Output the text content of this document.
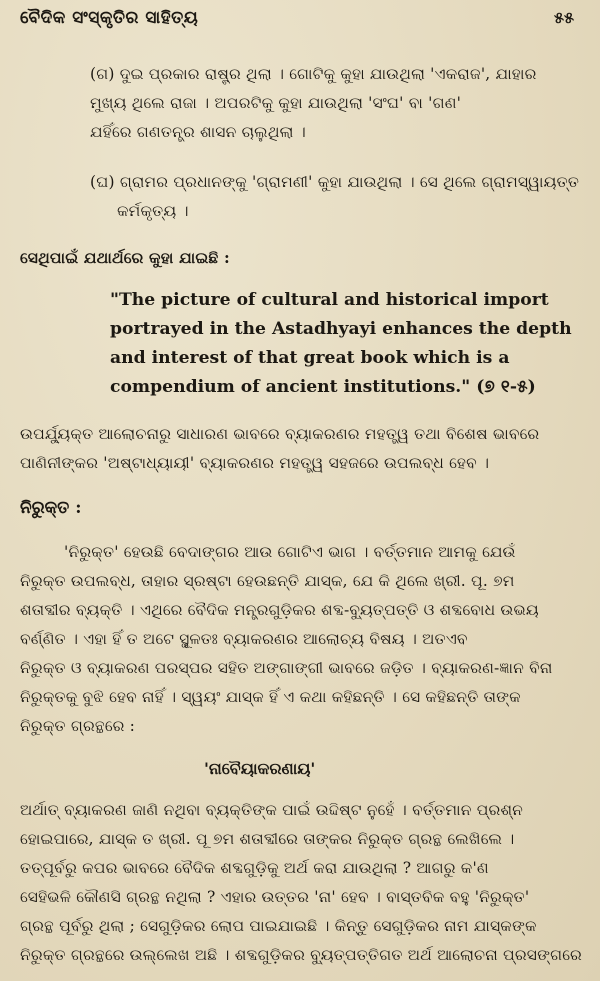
ବୈଦିକ ସଂସ୍କୃତିର ସାହିତ୍ୟ	୫୫
(ଗ) ଦୁଇ ପ୍ରକାର ରାଷ୍ଟ୍ର ଥିଲା । ଗୋଟିକୁ କୁହା ଯାଉଥିଲା 'ଏକରାଜ', ଯାହାର
ମୁଖ୍ୟ ଥିଲେ ରାଜା । ଅପରଟିକୁ କୁହା ଯାଉଥିଲା 'ସଂଘ' ବା 'ଗଣ'
ଯହିଁରେ ଗଣତନ୍ତ୍ର ଶାସନ ଚାଲୁଥିଲା ।
(ଘ) ଗ୍ରାମର ପ୍ରଧାନଙ୍କୁ 'ଗ୍ରାମଣୀ' କୁହା ଯାଉଥିଲା । ସେ ଥିଲେ ଗ୍ରାମସ୍ୱାୟତ୍ତ
କର୍ମକୃତ୍ୟ ।
ସେଥିପାଇଁ ଯଥାର୍ଥରେ କୁହା ଯାଇଛି :
"The picture of cultural and historical import
portrayed in the Astadhyayi enhances the depth
and interest of that great book which is a
compendium of ancient institutions." (୭ ୧-୫)
ଉପର୍ଯ୍ୟୁକ୍ତ ଆଲୋଚନାରୁ ସାଧାରଣ ଭାବରେ ବ୍ୟାକରଣର ମହତ୍ତ୍ୱ ତଥା ବିଶେଷ ଭାବରେ
ପାଣିନୀଙ୍କର 'ଅଷ୍ଟାଧ୍ୟାୟୀ' ବ୍ୟାକରଣର ମହତ୍ତ୍ୱ ସହଜରେ ଉପଲବ୍ଧ ହେବ ।
ନିରୁକ୍ତ :
'ନିରୁକ୍ତ' ହେଉଛି ବେଦାଙ୍ଗର ଆଉ ଗୋଟିଏ ଭାଗ । ବର୍ତ୍ତମାନ ଆମକୁ ଯେଉଁ
ନିରୁକ୍ତ ଉପଲବ୍ଧ, ତାହାର ସ୍ରଷ୍ଟା ହେଉଛନ୍ତି ଯାସ୍କ, ଯେ କି ଥିଲେ ଖ୍ରୀ. ପୂ. ୭ମ
ଶତାବ୍ଦୀର ବ୍ୟକ୍ତି । ଏଥିରେ ବୈଦିକ ମନ୍ତ୍ରଗୁଡ଼ିକର ଶବ୍ଦ-ବ୍ୟୁତ୍ପତ୍ତି ଓ ଶବ୍ଦବୋଧ ଉଭୟ
ବର୍ଣ୍ଣିତ । ଏହା ହିଁ ତ ଅଟେ ସ୍ଥୂଳତଃ ବ୍ୟାକରଣର ଆଲୋଚ୍ୟ ବିଷୟ । ଅତଏବ
ନିରୁକ୍ତ ଓ ବ୍ୟାକରଣ ପରସ୍ପର ସହିତ ଅଙ୍ଗାଙ୍ଗୀ ଭାବରେ ଜଡ଼ିତ । ବ୍ୟାକରଣ-ଜ୍ଞାନ ବିନା
ନିରୁକ୍ତକୁ ବୁଝି ହେବ ନାହିଁ । ସ୍ୱୟଂ ଯାସ୍କ ହିଁ ଏ କଥା କହିଛନ୍ତି । ସେ କହିଛନ୍ତି ତାଙ୍କ
ନିରୁକ୍ତ ଗ୍ରନ୍ଥରେ :
'ନାବୈୟାକରଣାୟ'
ଅର୍ଥାତ୍ ବ୍ୟାକରଣ ଜାଣି ନଥିବା ବ୍ୟକ୍ତିଙ୍କ ପାଇଁ ଉଦ୍ଦିଷ୍ଟ ନୁହେଁ । ବର୍ତ୍ତମାନ ପ୍ରଶ୍ନ
ହୋଇପାରେ, ଯାସ୍କ ତ ଖ୍ରୀ. ପୂ ୭ମ ଶତାବ୍ଦୀରେ ତାଙ୍କର ନିରୁକ୍ତ ଗ୍ରନ୍ଥ ଲେଖିଲେ ।
ତତ୍ପୂର୍ବରୁ କପର ଭାବରେ ବୈଦିକ ଶବ୍ଦଗୁଡ଼ିକୁ ଅର୍ଥ କରା ଯାଉଥିଲା ? ଆଗରୁ କ'ଣ
ସେହିଭଳି କୌଣସି ଗ୍ରନ୍ଥ ନଥିଲା ? ଏହାର ଉତ୍ତର 'ନା' ହେବ । ବାସ୍ତବିକ ବହୁ 'ନିରୁକ୍ତ'
ଗ୍ରନ୍ଥ ପୂର୍ବରୁ ଥିଲା ; ସେଗୁଡ଼ିକର ଲୋପ ପାଇଯାଇଛି । କିନ୍ତୁ ସେଗୁଡ଼ିକର ନାମ ଯାସ୍କଙ୍କ
ନିରୁକ୍ତ ଗ୍ରନ୍ଥରେ ଉଲ୍ଲେଖ ଅଛି । ଶବ୍ଦଗୁଡ଼ିକର ବ୍ୟୁତ୍ପତ୍ତିଗତ ଅର୍ଥ ଆଲୋଚନା ପ୍ରସଙ୍ଗରେ
